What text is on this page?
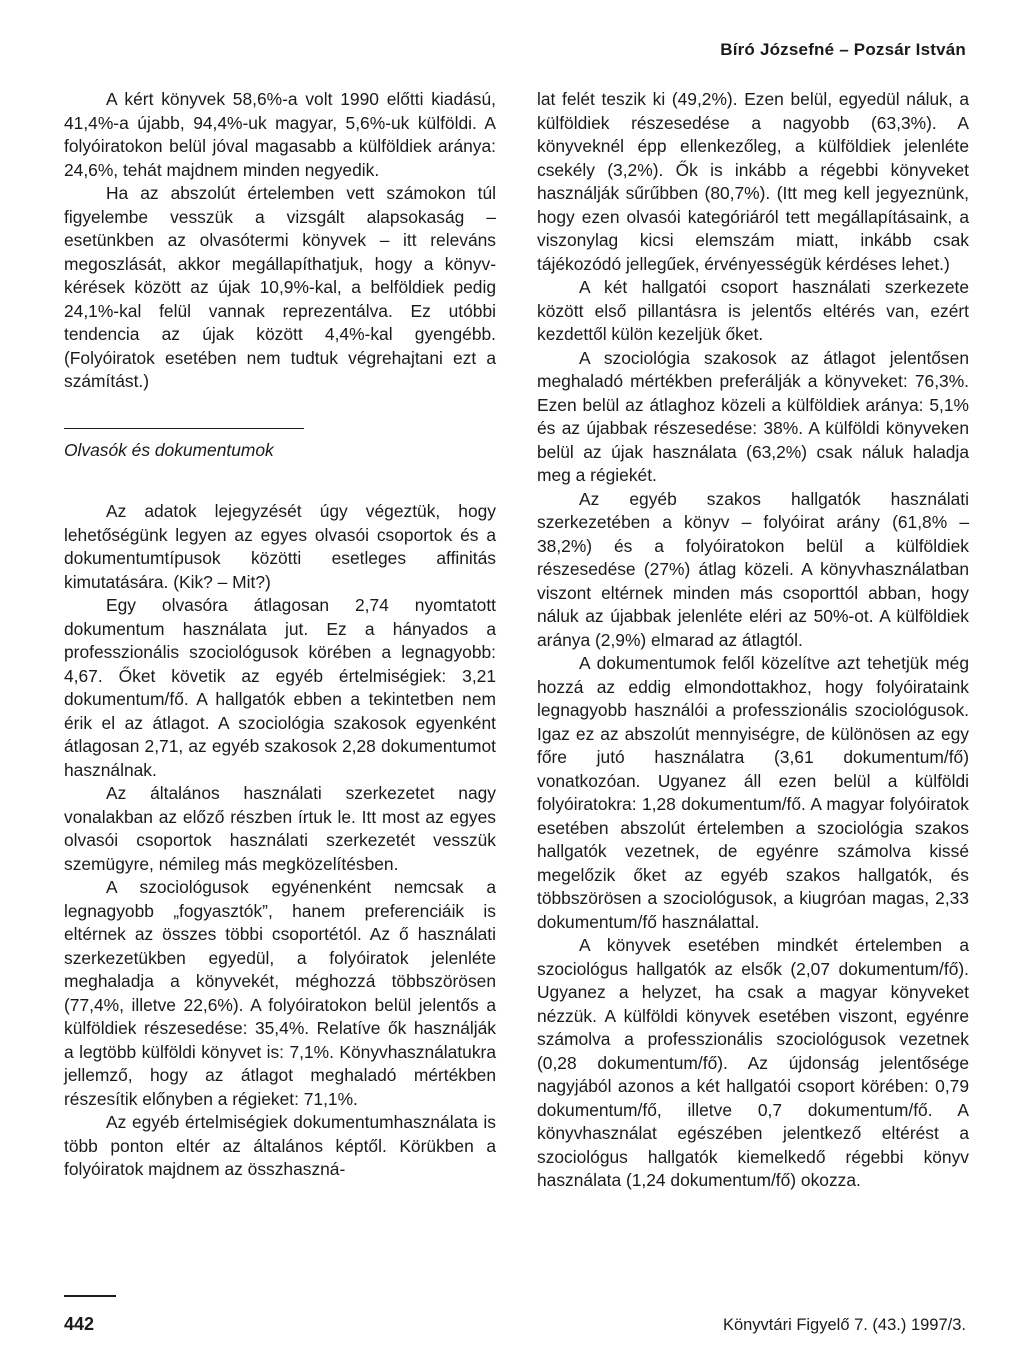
Bíró Józsefné – Pozsár István

A kért könyvek 58,6%-a volt 1990 előtti kiadású, 41,4%-a újabb, 94,4%-uk magyar, 5,6%-uk külföldi. A folyóiratokon belül jóval magasabb a külföldiek aránya: 24,6%, tehát majdnem minden negyedik.

Ha az abszolút értelemben vett számokon túl figyelembe vesszük a vizsgált alapsokaság – esetünkben az olvasótermi könyvek – itt releváns megoszlását, akkor megállapíthatjuk, hogy a könyv-kérések között az újak 10,9%-kal, a belföldiek pedig 24,1%-kal felül vannak reprezentálva. Ez utóbbi tendencia az újak között 4,4%-kal gyengébb. (Folyóiratok esetében nem tudtuk végrehajtani ezt a számítást.)

Olvasók és dokumentumok

Az adatok lejegyzését úgy végeztük, hogy lehetőségünk legyen az egyes olvasói csoportok és a dokumentumtípusok közötti esetleges affinitás kimutatására. (Kik? – Mit?)

Egy olvasóra átlagosan 2,74 nyomtatott dokumentum használata jut. Ez a hányados a professzionális szociológusok körében a legnagyobb: 4,67. Őket követik az egyéb értelmiségiek: 3,21 dokumentum/fő. A hallgatók ebben a tekintetben nem érik el az átlagot. A szociológia szakosok egyenként átlagosan 2,71, az egyéb szakosok 2,28 dokumentumot használnak.

Az általános használati szerkezetet nagy vonalakban az előző részben írtuk le. Itt most az egyes olvasói csoportok használati szerkezetét vesszük szemügyre, némileg más megközelítésben.

A szociológusok egyénenként nemcsak a legnagyobb „fogyasztók”, hanem preferenciáik is eltérnek az összes többi csoportétól. Az ő használati szerkezetükben egyedül, a folyóiratok jelenléte meghaladja a könyvekét, méghozzá többszörösen (77,4%, illetve 22,6%). A folyóiratokon belül jelentős a külföldiek részesedése: 35,4%. Relatíve ők használják a legtöbb külföldi könyvet is: 7,1%. Könyvhasználatukra jellemző, hogy az átlagot meghaladó mértékben részesítik előnyben a régieket: 71,1%.

Az egyéb értelmiségiek dokumentumhasználata is több ponton eltér az általános képtől. Körükben a folyóiratok majdnem az összhaszná-

lat felét teszik ki (49,2%). Ezen belül, egyedül náluk, a külföldiek részesedése a nagyobb (63,3%). A könyveknél épp ellenkezőleg, a külföldiek jelenléte csekély (3,2%). Ők is inkább a régebbi könyveket használják sűrűbben (80,7%). (Itt meg kell jegyeznünk, hogy ezen olvasói kategóriáról tett megállapításaink, a viszonylag kicsi elemszám miatt, inkább csak tájékozódó jellegűek, érvényességük kérdéses lehet.)

A két hallgatói csoport használati szerkezete között első pillantásra is jelentős eltérés van, ezért kezdettől külön kezeljük őket.

A szociológia szakosok az átlagot jelentősen meghaladó mértékben preferálják a könyveket: 76,3%. Ezen belül az átlaghoz közeli a külföldiek aránya: 5,1% és az újabbak részesedése: 38%. A külföldi könyveken belül az újak használata (63,2%) csak náluk haladja meg a régiekét.

Az egyéb szakos hallgatók használati szerkezetében a könyv – folyóirat arány (61,8% – 38,2%) és a folyóiratokon belül a külföldiek részesedése (27%) átlag közeli. A könyvhasználatban viszont eltérnek minden más csoporttól abban, hogy náluk az újabbak jelenléte eléri az 50%-ot. A külföldiek aránya (2,9%) elmarad az átlagtól.

A dokumentumok felől közelítve azt tehetjük még hozzá az eddig elmondottakhoz, hogy folyóirataink legnagyobb használói a professzionális szociológusok. Igaz ez az abszolút mennyiségre, de különösen az egy főre jutó használatra (3,61 dokumentum/fő) vonatkozóan. Ugyanez áll ezen belül a külföldi folyóiratokra: 1,28 dokumentum/fő. A magyar folyóiratok esetében abszolút értelemben a szociológia szakos hallgatók vezetnek, de egyénre számolva kissé megelőzik őket az egyéb szakos hallgatók, és többszörösen a szociológusok, a kiugróan magas, 2,33 dokumentum/fő használattal.

A könyvek esetében mindkét értelemben a szociológus hallgatók az elsők (2,07 dokumentum/fő). Ugyanez a helyzet, ha csak a magyar könyveket nézzük. A külföldi könyvek esetében viszont, egyénre számolva a professzionális szociológusok vezetnek (0,28 dokumentum/fő). Az újdonság jelentősége nagyjából azonos a két hallgatói csoport körében: 0,79 dokumentum/fő, illetve 0,7 dokumentum/fő. A könyvhasználat egészében jelentkező eltérést a szociológus hallgatók kiemelkedő régebbi könyv használata (1,24 dokumentum/fő) okozza.

442	Könyvtári Figyelő 7. (43.) 1997/3.
